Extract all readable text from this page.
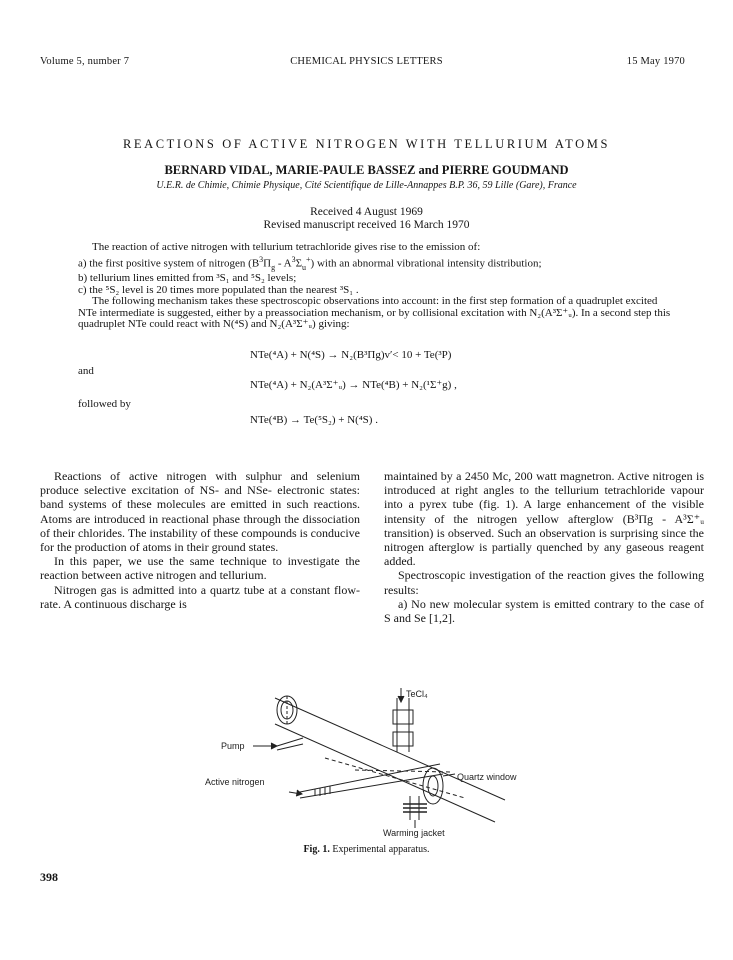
Volume 5, number 7	CHEMICAL PHYSICS LETTERS	15 May 1970
REACTIONS OF ACTIVE NITROGEN WITH TELLURIUM ATOMS
BERNARD VIDAL, MARIE-PAULE BASSEZ and PIERRE GOUDMAND
U.E.R. de Chimie, Chimie Physique, Cité Scientifique de Lille-Annappes B.P. 36, 59 Lille (Gare), France
Received 4 August 1969
Revised manuscript received 16 March 1970

The reaction of active nitrogen with tellurium tetrachloride gives rise to the emission of:

a) the first positive system of nitrogen $(B^3\Pi_g - A^3\Sigma_u^+)$ with an abnormal vibrational intensity distribution;

b) tellurium lines emitted from ³S₁ and ⁵S₂ levels;

c) the ⁵S₂ level is 20 times more populated than the nearest ³S₁ .

The following mechanism takes these spectroscopic observations into account: in the first step formation of a quadruplet excited NTe intermediate is suggested, either by a preassociation mechanism, or by collisional excitation with N₂(A³Σ⁺ᵤ). In a second step this quadruplet NTe could react with N(⁴S) and N₂(A³Σ⁺ᵤ) giving:

NTe(⁴A) + N(⁴S) → N₂(B³Πg)v′< 10 + Te(³P)
and
NTe(⁴A) + N₂(A³Σ⁺ᵤ) → NTe(⁴B) + N₂(¹Σ⁺g) ,
followed by
NTe(⁴B) → Te(⁵S₂) + N(⁴S) .

Reactions of active nitrogen with sulphur and selenium produce selective excitation of NS- and NSe- electronic states: band systems of these molecules are emitted in such reactions. Atoms are introduced in reactional phase through the dissociation of their chlorides. The instability of these compounds is conducive for the production of atoms in their ground states.

In this paper, we use the same technique to investigate the reaction between active nitrogen and tellurium.

Nitrogen gas is admitted into a quartz tube at a constant flow-rate. A continuous discharge is

maintained by a 2450 Mc, 200 watt magnetron. Active nitrogen is introduced at right angles to the tellurium tetrachloride vapour into a pyrex tube (fig. 1). A large enhancement of the visible intensity of the nitrogen yellow afterglow (B³Πg - A³Σ⁺ᵤ transition) is observed. Such an observation is surprising since the nitrogen afterglow is partially quenched by any gaseous reagent added.

Spectroscopic investigation of the reaction gives the following results:

a) No new molecular system is emitted contrary to the case of S and Se [1,2].

TeCl₄
Pump
Active nitrogen	Quartz window
Warming jacket
Fig. 1. Experimental apparatus.
398
